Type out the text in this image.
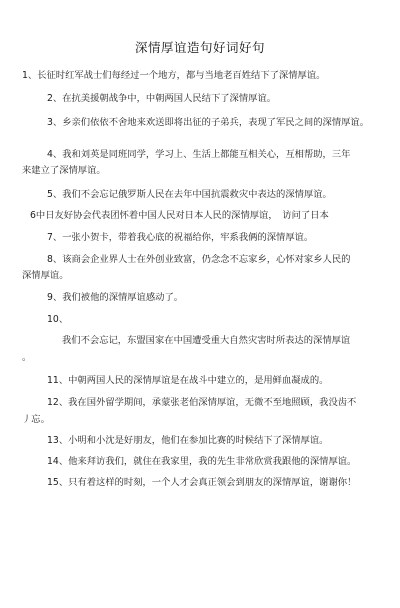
深情厚谊造句好词好句
1、长征时红军战士们每经过一个地方，都与当地老百姓结下了深情厚谊。
2、在抗美援朝战争中，中朝两国人民结下了深情厚谊。
3、乡亲们依依不舍地来欢送即将出征的子弟兵，表现了军民之间的深情厚谊。
4、我和刘英是同班同学，学习上、生活上都能互相关心，互相帮助，三年
来建立了深情厚谊。
5、我们不会忘记俄罗斯人民在去年中国抗震救灾中表达的深情厚谊。
6中日友好协会代表团怀着中国人民对日本人民的深情厚谊，　访问了日本
7、一张小贺卡，带着我心底的祝福给你，牢系我俩的深情厚谊。
8、该商会企业界人士在外创业致富，仍念念不忘家乡，心怀对家乡人民的
深情厚谊。
9、我们被他的深情厚谊感动了。
10、
我们不会忘记，东盟国家在中国遭受重大自然灾害时所表达的深情厚谊
。
11、中朝两国人民的深情厚谊是在战斗中建立的，是用鲜血凝成的。
12、我在国外留学期间，承蒙张老伯深情厚谊，无微不至地照顾，我没齿不
丿忘。
13、小明和小沈是好朋友，他们在参加比赛的时候结下了深情厚谊。
14、他来拜访我们，就住在我家里，我的先生非常欣赏我跟他的深情厚谊。
15、只有着这样的时刻，一个人才会真正领会到朋友的深情厚谊，谢谢你！
